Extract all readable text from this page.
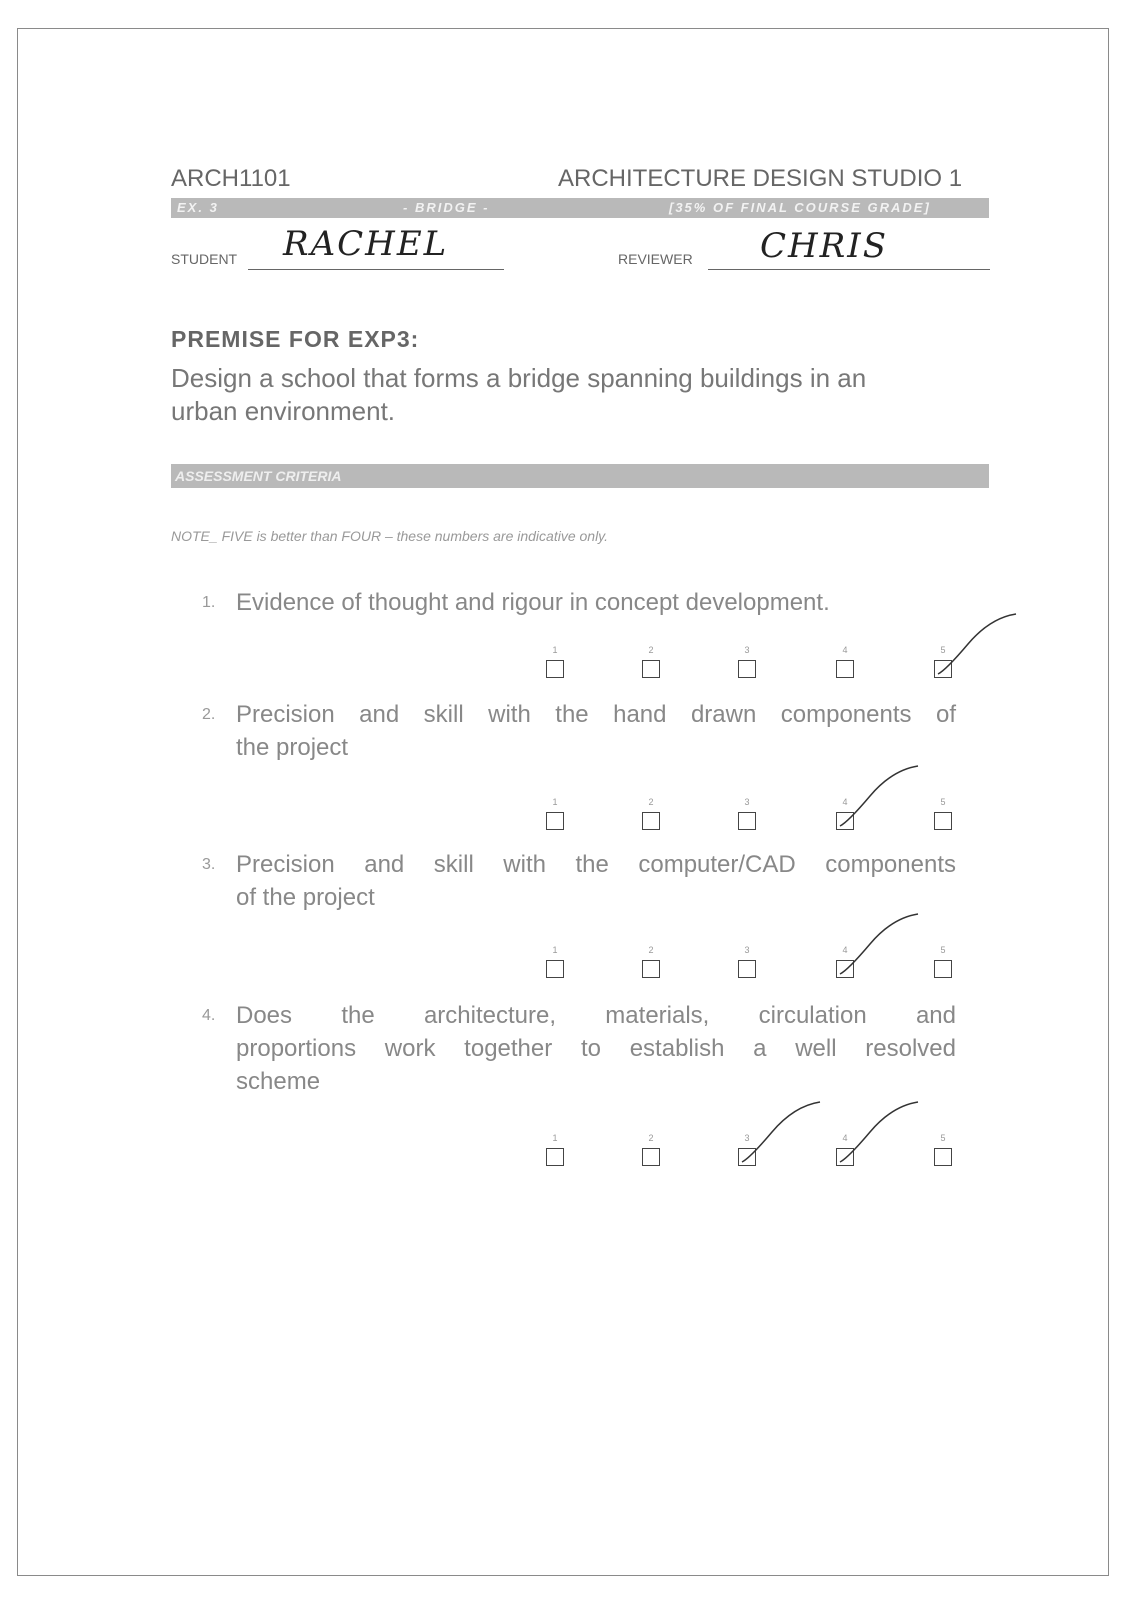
ARCH1101	ARCHITECTURE DESIGN STUDIO 1
EX. 3	- BRIDGE -	[35% OF FINAL COURSE GRADE]
STUDENT RACHEL	REVIEWER CHRIS
PREMISE FOR EXP3:
Design a school that forms a bridge spanning buildings in an
urban environment.
ASSESSMENT CRITERIA
NOTE_ FIVE is better than FOUR – these numbers are indicative only.
1. Evidence of thought and rigour in concept development.
1	2	3	4	5
2. Precision and skill with the hand drawn components of
the project
1	2	3	4	5
3. Precision and skill with the computer/CAD components
of the project
1	2	3	4	5
4. Does the architecture, materials, circulation and
proportions work together to establish a well resolved
scheme
1	2	3	4	5
